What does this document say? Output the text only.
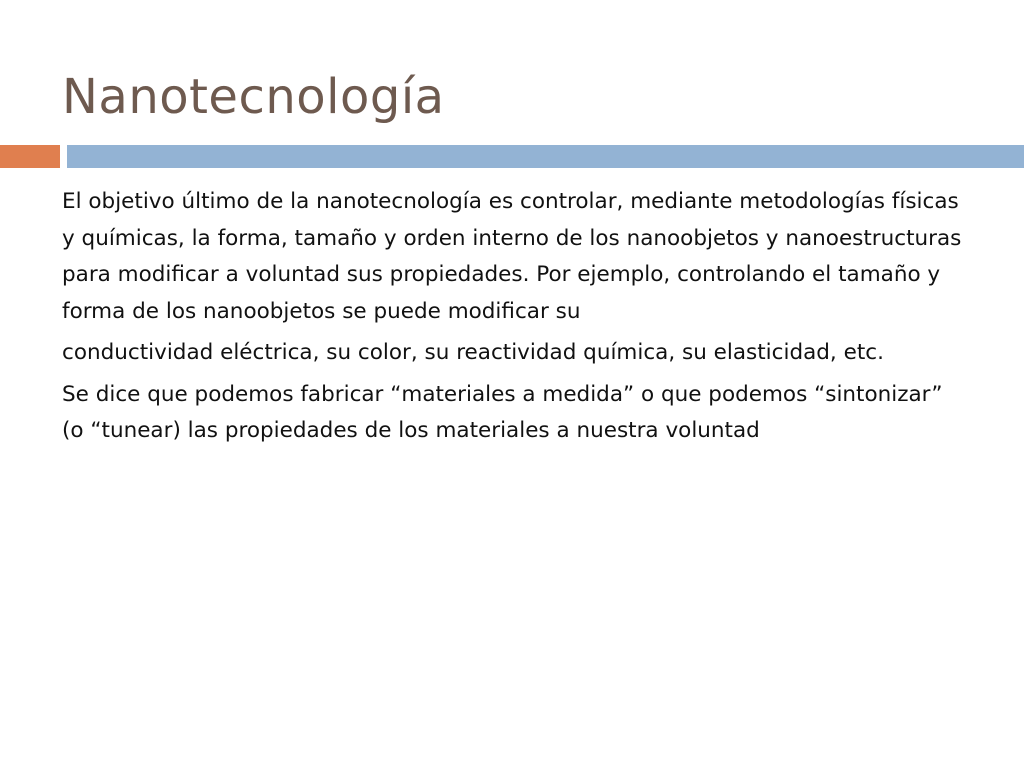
Nanotecnología

El objetivo último de la nanotecnología es controlar, mediante metodologías físicas y químicas, la forma, tamaño y orden interno de los nanoobjetos y nanoestructuras para modificar a voluntad sus propiedades. Por ejemplo, controlando el tamaño y forma de los nanoobjetos se puede modificar su

conductividad eléctrica, su color, su reactividad química, su elasticidad, etc.

Se dice que podemos fabricar “materiales a medida” o que podemos “sintonizar” (o “tunear) las propiedades de los materiales a nuestra voluntad
